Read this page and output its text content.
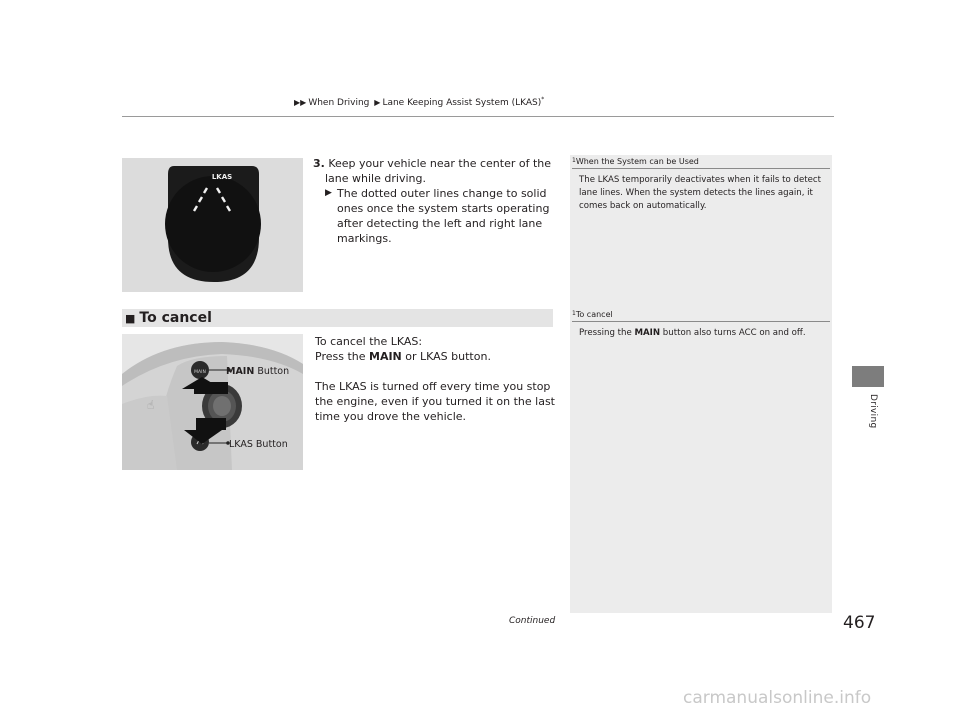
▶▶ When Driving ▶ Lane Keeping Assist System (LKAS)*
Driving
LKAS
3. Keep your vehicle near the center of the
lane while driving.
▶ The dotted outer lines change to solid ones once the system starts operating after detecting the left and right lane markings.
$^1$When the System can be Used
The LKAS temporarily deactivates when it fails to detect lane lines. When the system detects the lines again, it comes back on automatically.
$^1$To cancel
Pressing the MAIN button also turns ACC on and off.
■ To cancel
☝
MAIN MAIN Button
LKAS Button

To cancel the LKAS:

Press the MAIN or LKAS button.

The LKAS is turned off every time you stop the engine, even if you turned it on the last time you drove the vehicle.

Continued	467
carmanualsonline.info
